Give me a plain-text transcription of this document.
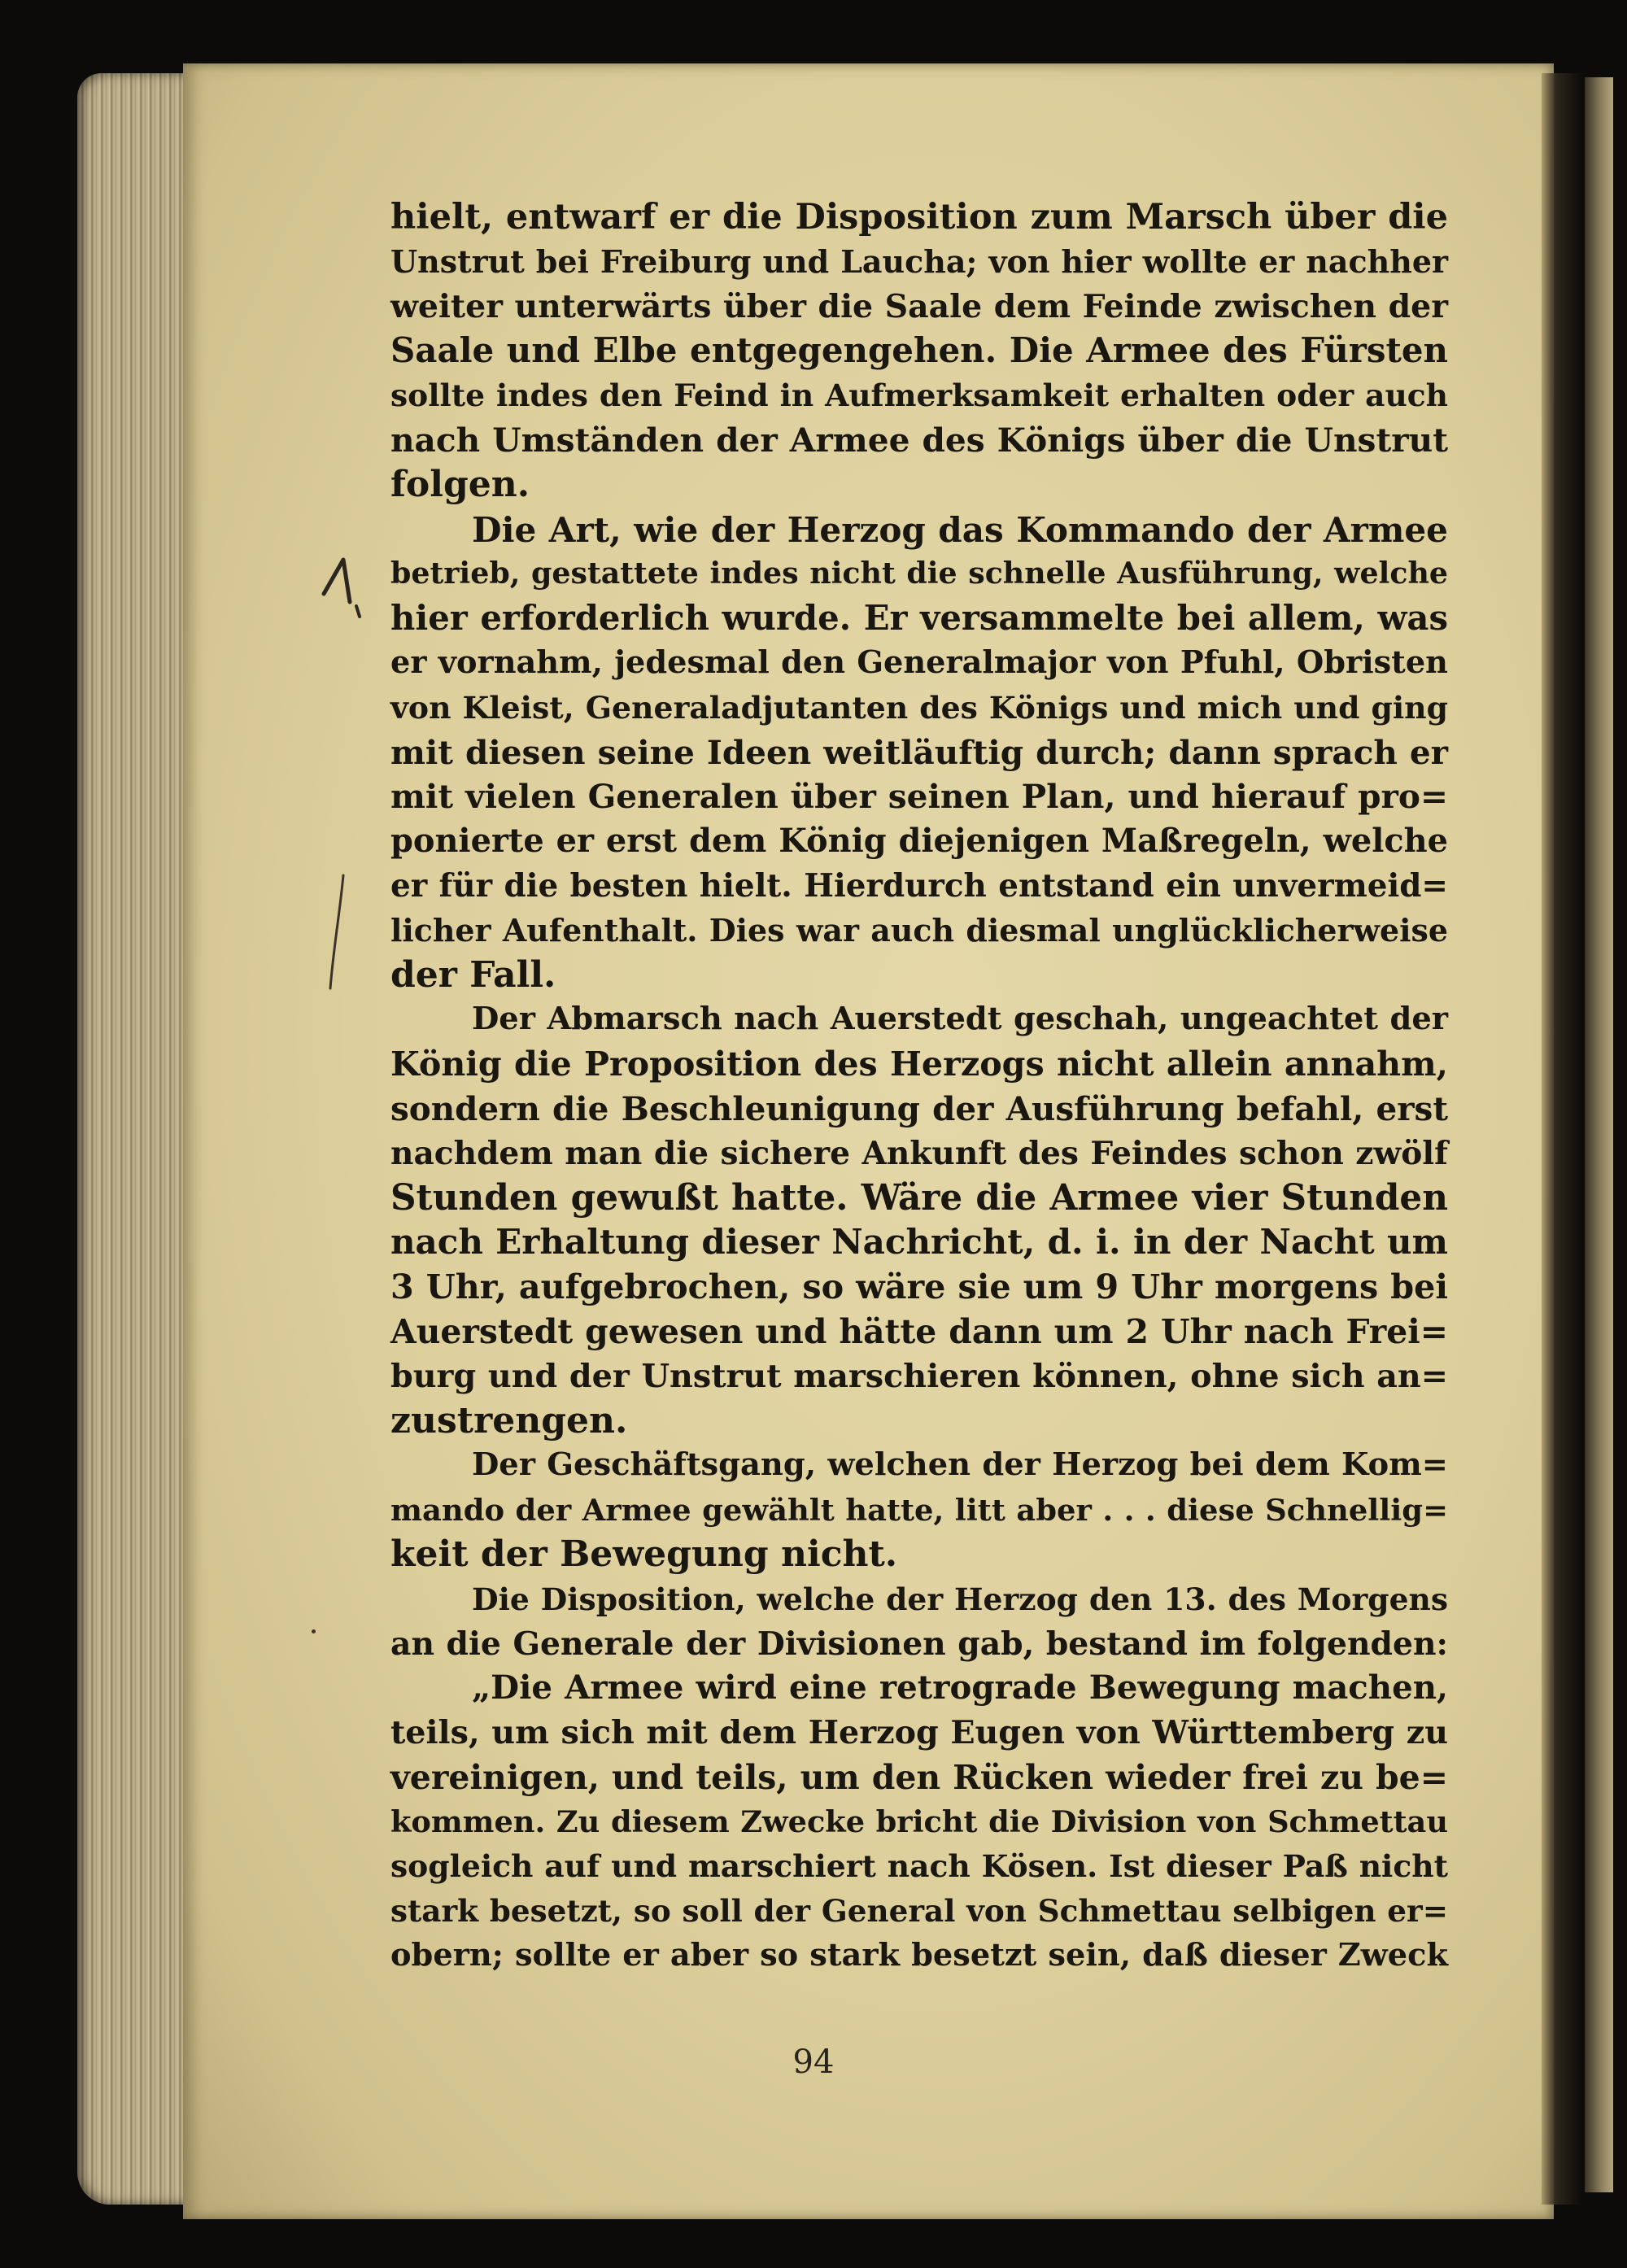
hielt, entwarf er die Disposition zum Marsch über die
Unstrut bei Freiburg und Laucha; von hier wollte er nachher
weiter unterwärts über die Saale dem Feinde zwischen der
Saale und Elbe entgegengehen. Die Armee des Fürsten
sollte indes den Feind in Aufmerksamkeit erhalten oder auch
nach Umständen der Armee des Königs über die Unstrut
folgen.
Die Art, wie der Herzog das Kommando der Armee
betrieb, gestattete indes nicht die schnelle Ausführung, welche
hier erforderlich wurde. Er versammelte bei allem, was
er vornahm, jedesmal den Generalmajor von Pfuhl, Obristen
von Kleist, Generaladjutanten des Königs und mich und ging
mit diesen seine Ideen weitläuftig durch; dann sprach er
mit vielen Generalen über seinen Plan, und hierauf pro=
ponierte er erst dem König diejenigen Maßregeln, welche
er für die besten hielt. Hierdurch entstand ein unvermeid=
licher Aufenthalt. Dies war auch diesmal unglücklicherweise
der Fall.
Der Abmarsch nach Auerstedt geschah, ungeachtet der
König die Proposition des Herzogs nicht allein annahm,
sondern die Beschleunigung der Ausführung befahl, erst
nachdem man die sichere Ankunft des Feindes schon zwölf
Stunden gewußt hatte. Wäre die Armee vier Stunden
nach Erhaltung dieser Nachricht, d. i. in der Nacht um
3 Uhr, aufgebrochen, so wäre sie um 9 Uhr morgens bei
Auerstedt gewesen und hätte dann um 2 Uhr nach Frei=
burg und der Unstrut marschieren können, ohne sich an=
zustrengen.
Der Geschäftsgang, welchen der Herzog bei dem Kom=
mando der Armee gewählt hatte, litt aber . . . diese Schnellig=
keit der Bewegung nicht.
Die Disposition, welche der Herzog den 13. des Morgens
an die Generale der Divisionen gab, bestand im folgenden:
„Die Armee wird eine retrograde Bewegung machen,
teils, um sich mit dem Herzog Eugen von Württemberg zu
vereinigen, und teils, um den Rücken wieder frei zu be=
kommen. Zu diesem Zwecke bricht die Division von Schmettau
sogleich auf und marschiert nach Kösen. Ist dieser Paß nicht
stark besetzt, so soll der General von Schmettau selbigen er=
obern; sollte er aber so stark besetzt sein, daß dieser Zweck
94
